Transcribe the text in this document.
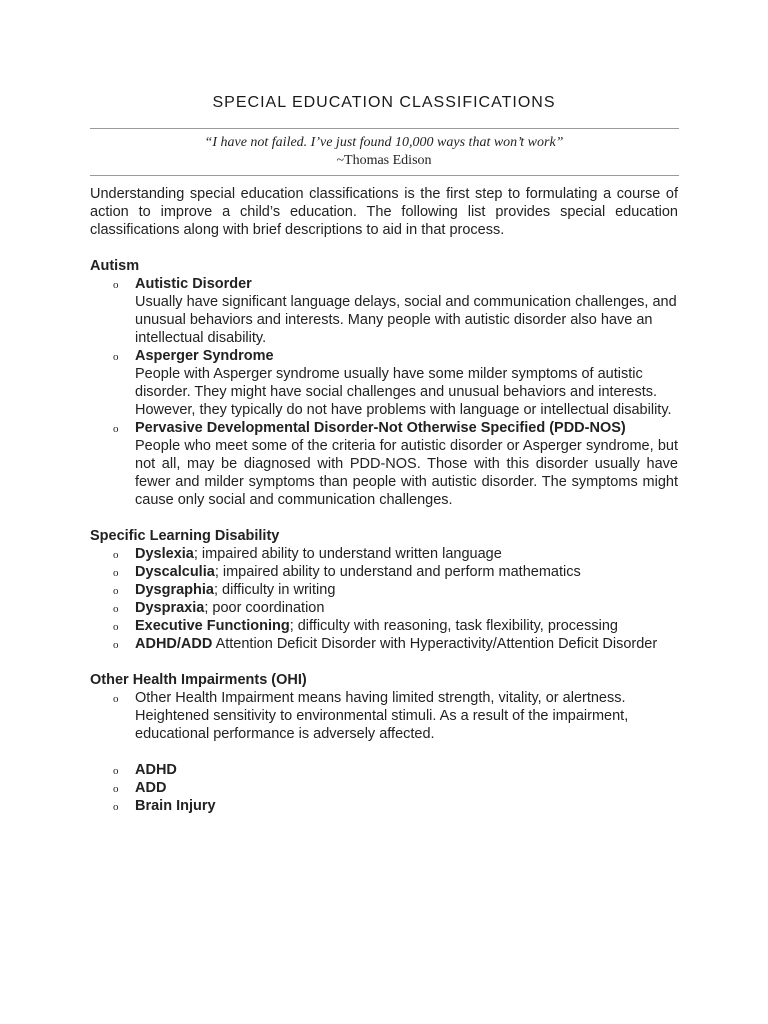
SPECIAL EDUCATION CLASSIFICATIONS
“I have not failed. I’ve just found 10,000 ways that won’t work”
~Thomas Edison

Understanding special education classifications is the first step to formulating a course of action to improve a child’s education. The following list provides special education classifications along with brief descriptions to aid in that process.

Autism
o Autistic Disorder
Usually have significant language delays, social and communication challenges, and unusual behaviors and interests. Many people with autistic disorder also have an intellectual disability.
o Asperger Syndrome
People with Asperger syndrome usually have some milder symptoms of autistic disorder. They might have social challenges and unusual behaviors and interests. However, they typically do not have problems with language or intellectual disability.
o Pervasive Developmental Disorder-Not Otherwise Specified (PDD-NOS)
People who meet some of the criteria for autistic disorder or Asperger syndrome, but not all, may be diagnosed with PDD-NOS. Those with this disorder usually have fewer and milder symptoms than people with autistic disorder. The symptoms might cause only social and communication challenges.
Specific Learning Disability
o Dyslexia; impaired ability to understand written language
o Dyscalculia; impaired ability to understand and perform mathematics
o Dysgraphia; difficulty in writing
o Dyspraxia; poor coordination
o Executive Functioning; difficulty with reasoning, task flexibility, processing
o ADHD/ADD Attention Deficit Disorder with Hyperactivity/Attention Deficit Disorder
Other Health Impairments (OHI)
o Other Health Impairment means having limited strength, vitality, or alertness. Heightened sensitivity to environmental stimuli. As a result of the impairment, educational performance is adversely affected.
o ADHD
o ADD
o Brain Injury
